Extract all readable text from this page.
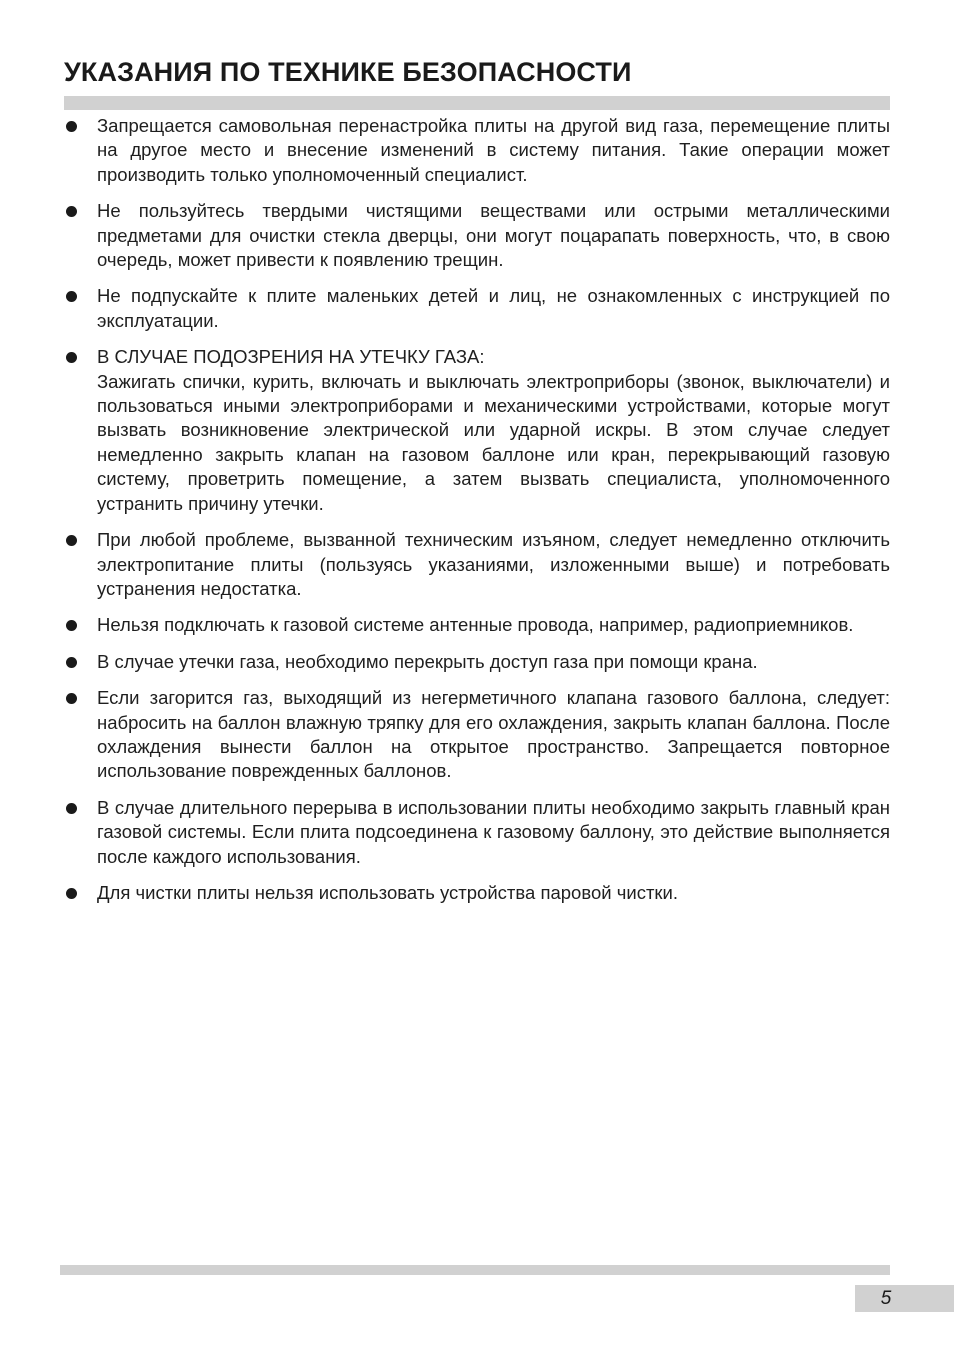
УКАЗАНИЯ ПО ТЕХНИКЕ БЕЗОПАСНОСТИ
Запрещается самовольная перенастройка плиты на другой вид газа, перемещение плиты на другое место и внесение изменений в систему питания. Такие операции может производить только уполномоченный специалист.
Не пользуйтесь твердыми чистящими веществами или острыми металлическими предметами для очистки стекла дверцы, они могут поцарапать поверхность, что, в свою очередь, может привести к появлению трещин.
Не подпускайте к плите маленьких детей и лиц, не ознакомленных с инструкцией по эксплуатации.
В СЛУЧАЕ ПОДОЗРЕНИЯ НА УТЕЧКУ ГАЗА:
Зажигать спички, курить, включать и выключать электроприборы (звонок, выключатели) и пользоваться иными электроприборами и механическими устройствами, которые могут вызвать возникновение электрической или ударной искры. В этом случае следует немедленно закрыть клапан на газовом баллоне или кран, перекрывающий газовую систему, проветрить помещение, а затем вызвать специалиста, уполномоченного устранить причину утечки.
При любой проблеме, вызванной техническим изъяном, следует немедленно отключить электропитание плиты (пользуясь указаниями, изложенными выше) и потребовать устранения недостатка.
Нельзя подключать к газовой системе антенные провода, например, радиоприемников.
В случае утечки газа, необходимо перекрыть доступ газа при помощи крана.
Если загорится газ, выходящий из негерметичного клапана газового баллона, следует: набросить на баллон влажную тряпку для его охлаждения, закрыть клапан баллона. После охлаждения вынести баллон на открытое пространство. Запрещается повторное использование поврежденных баллонов.
В случае длительного перерыва в использовании плиты необходимо закрыть главный кран газовой системы. Если плита подсоединена к газовому баллону, это действие выполняется после каждого использования.
Для чистки плиты нельзя использовать устройства паровой чистки.
5
